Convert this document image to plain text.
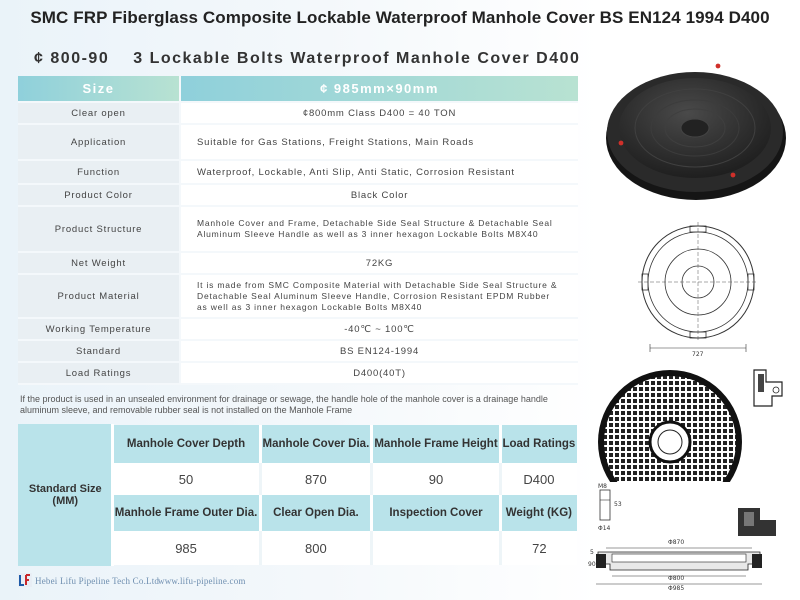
SMC FRP Fiberglass Composite Lockable Waterproof Manhole Cover BS EN124 1994 D400
¢ 800-90 3 Lockable Bolts Waterproof Manhole Cover D400
Size	¢ 985mm×90mm
Clear open	¢800mm Class D400 = 40 TON
Application	Suitable for Gas Stations, Freight Stations, Main Roads
Function	Waterproof, Lockable, Anti Slip, Anti Static, Corrosion Resistant
Product Color	Black Color
Product Structure	Manhole Cover and Frame, Detachable Side Seal Structure & Detachable Seal Aluminum Sleeve Handle as well as 3 inner hexagon Lockable Bolts M8X40
Net Weight	72KG
Product Material	It is made from SMC Composite Material with Detachable Side Seal Structure & Detachable Seal Aluminum Sleeve Handle, Corrosion Resistant EPDM Rubber as well as 3 inner hexagon Lockable Bolts M8X40
Working Temperature	-40℃ ~ 100℃
Standard	BS EN124-1994
Load Ratings	D400(40T)
If the product is used in an unsealed environment for drainage or sewage, the handle hole of the manhole cover is a drainage handle aluminum sleeve, and removable rubber seal is not installed on the Manhole Frame
Standard Size
(MM)	Manhole Cover Depth	Manhole Cover Dia.	Manhole Frame Height	Load Ratings
	50	870	90	D400
	Manhole Frame Outer Dia.	Clear Open Dia.	Inspection Cover	Weight (KG)
	985	800		72
Hebei Lifu Pipeline Tech Co.Ltd
www.lifu-pipeline.com
727
M8
53
Φ14
Φ870
5
90
Φ800
Φ985
